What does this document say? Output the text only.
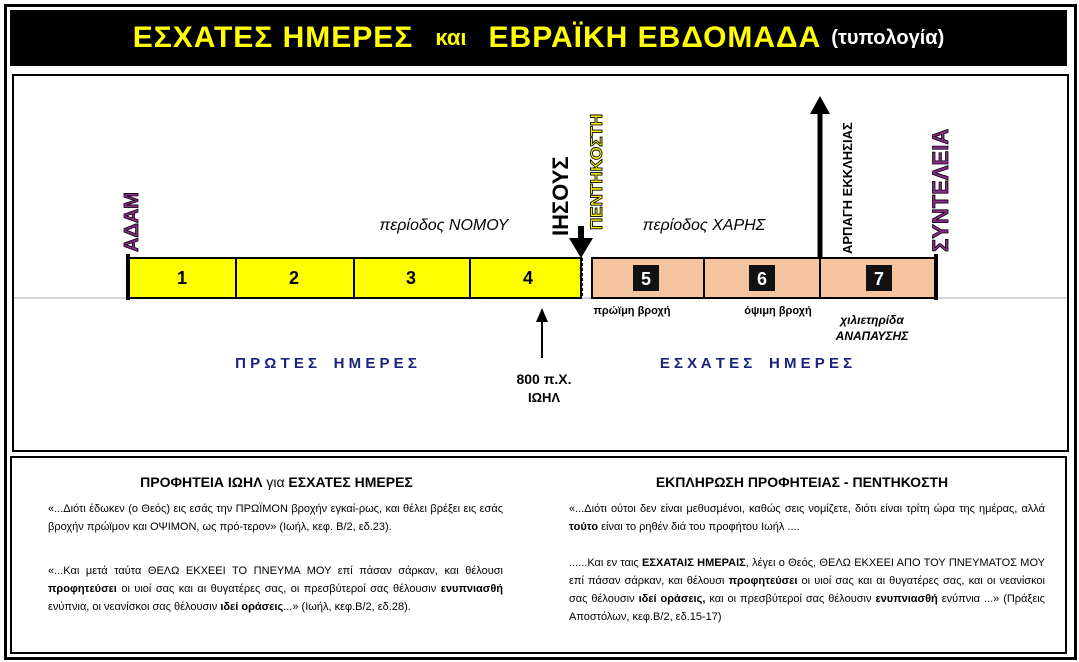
ΕΣΧΑΤΕΣ ΗΜΕΡΕΣ και ΕΒΡΑΪΚΗ ΕΒΔΟΜΑΔΑ (τυπολογία)
1	2	3	4	5	6	7
ΑΔΑΜ	ΣΥΝΤΕΛΕΙΑ
ΙΗΣΟΥΣ ΠΕΝΤΗΚΟΣΤΗ	ΑΡΠΑΓΗ ΕΚΚΛΗΣΙΑΣ
περίοδος ΝΟΜΟΥ	περίοδος ΧΑΡΗΣ
πρώϊμη βροχή	όψιμη βροχή
χιλιετηρίδα
ΑΝΑΠΑΥΣΗΣ
800 π.Χ.
ΙΩΗΛ
Π Ρ Ω Τ Ε Σ    Η Μ Ε Ρ Ε Σ	Ε Σ Χ Α Τ Ε Σ    Η Μ Ε Ρ Ε Σ
ΠΡΟΦΗΤΕΙΑ ΙΩΗΛ για ΕΣΧΑΤΕΣ ΗΜΕΡΕΣ
«...Διότι έδωκεν (ο Θεός) εις εσάς την ΠΡΩΪΜΟΝ βροχήν εγκαί-ρως, και θέλει βρέξει εις εσάς βροχήν πρώϊμον και ΟΨΙΜΟΝ, ως πρό-τερον» (Ιωήλ, κεφ. Β/2, εδ.23).
«...Και μετά ταύτα ΘΕΛΩ ΕΚΧΕΕΙ ΤΟ ΠΝΕΥΜΑ ΜΟΥ επί πάσαν σάρκαν, και θέλουσι προφητεύσει οι υιοί σας και αι θυγατέρες σας, οι πρεσβύτεροί σας θέλουσιν ενυπνιασθή ενύπνια, οι νεανίσκοι σας θέλουσιν ιδεί οράσεις...» (Ιωήλ, κεφ.Β/2, εδ.28).
ΕΚΠΛΗΡΩΣΗ ΠΡΟΦΗΤΕΙΑΣ - ΠΕΝΤΗΚΟΣΤΗ
«...Διότι ούτοι δεν είναι μεθυσμένοι, καθώς σεις νομίζετε, διότι είναι τρίτη ώρα της ημέρας, αλλά τούτο είναι το ρηθέν διά του προφήτου Ιωήλ ....
......Και εν ταις ΕΣΧΑΤΑΙΣ ΗΜΕΡΑΙΣ, λέγει ο Θεός, ΘΕΛΩ ΕΚΧΕΕΙ ΑΠΟ ΤΟΥ ΠΝΕΥΜΑΤΟΣ ΜΟΥ επί πάσαν σάρκαν, και θέλουσι προφητεύσει οι υιοί σας και αι θυγατέρες σας, και οι νεανίσκοι σας θέλουσιν ιδεί οράσεις, και οι πρεσβύτεροί σας θέλουσιν ενυπνιασθή ενύπνια ...» (Πράξεις Αποστόλων, κεφ.Β/2, εδ.15-17)
